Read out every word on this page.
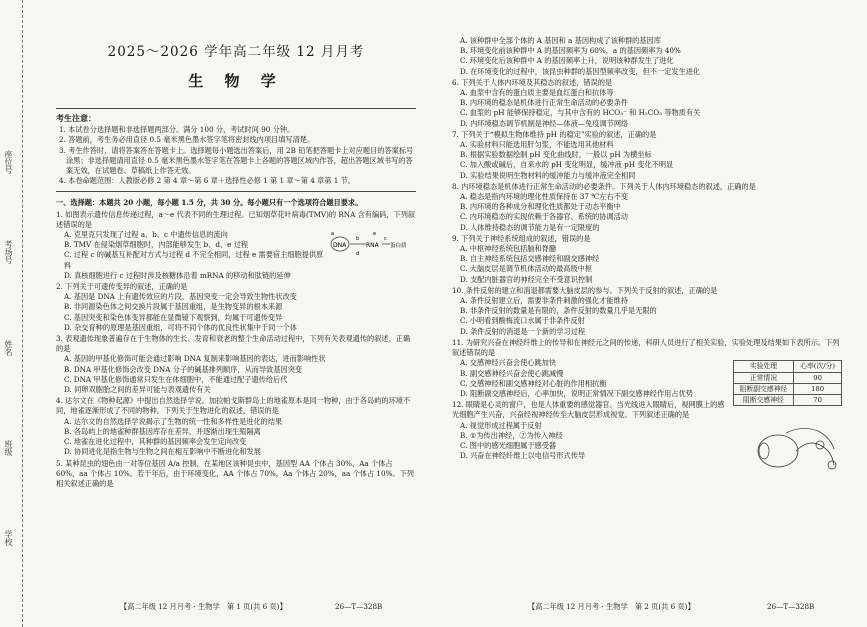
座位号
考场号
姓名
班级
学校
2025～2026 学年高二年级 12 月月考
生 物 学
考生注意：
1. 本试卷分选择题和非选择题两部分。满分 100 分，考试时间 90 分钟。
2. 答题前，考生务必用直径 0.5 毫米黑色墨水签字笔将密封线内项目填写清楚。
3. 考生作答时，请将答案答在答题卡上。选择题每小题选出答案后，用 2B 铅笔把答题卡上对应题目的答案标号涂黑；非选择题请用直径 0.5 毫米黑色墨水签字笔在答题卡上各题的答题区域内作答，超出答题区域书写的答案无效，在试题卷、草稿纸上作答无效。
4. 本卷命题范围：人教版必修 2 第 4 章～第 6 章＋选择性必修 1 第 1 章～第 4 章第 1 节。
一、选择题：本题共 20 小题，每小题 1.5 分，共 30 分。每小题只有一个选项符合题目要求。
1. 如图表示遗传信息传递过程，a～e 代表不同的生理过程。已知烟草花叶病毒(TMV)的 RNA 含有编码，下列叙述错误的是
DNA	RNA 蛋白质
a
b	c
d
e
A. 克里克只发现了过程 a、b、c 中遗传信息的流向
B. TMV 在侵染烟草细胞时，内部能够发生 b、d、e 过程
C. 过程 c 的碱基互补配对方式与过程 d 不完全相同，过程 e 需要宿主细胞提供原料
D. 真核细胞进行 c 过程时涉及核糖体沿着 mRNA 的移动和肽链的延伸
2. 下列关于可遗传变异的叙述，正确的是
A. 基因是 DNA 上有遗传效应的片段，基因突变一定会导致生物性状改变
B. 非同源染色体之间交换片段属于基因重组，是生物变异的根本来源
C. 基因突变和染色体变异都能在显微镜下观察到，均属于可遗传变异
D. 杂交育种的原理是基因重组，可将不同个体的优良性状集中于同一个体
3. 表观遗传现象普遍存在于生物体的生长、发育和衰老的整个生命活动过程中，下列有关表观遗传的叙述，正确的是
A. 基因的甲基化修饰可能会通过影响 DNA 复制来影响基因的表达，进而影响性状
B. DNA 甲基化修饰会改变 DNA 分子的碱基排列顺序，从而导致基因突变
C. DNA 甲基化修饰通常只发生在体细胞中，不能通过配子遗传给后代
D. 同卵双胞胎之间的差异可能与表观遗传有关
4. 达尔文在《物种起源》中提出自然选择学说，加拉帕戈斯群岛上的地雀原本是同一物种，由于各岛屿的环境不同，地雀逐渐形成了不同的物种。下列关于生物进化的叙述，错误的是
A. 达尔文的自然选择学说揭示了生物的统一性和多样性是进化的结果
B. 各岛屿上的地雀种群基因库存在差异，并逐渐出现生殖隔离
C. 地雀在进化过程中，其种群的基因频率会发生定向改变
D. 协同进化是指生物与生物之间在相互影响中不断进化和发展
5. 某种昆虫的翅色由一对等位基因 A/a 控制，在某地区该种昆虫中，基因型 AA 个体占 30%，Aa 个体占 60%，aa 个体占 10%。若干年后，由于环境变化，AA 个体占 70%，Aa 个体占 20%，aa 个体占 10%。下列相关叙述正确的是
A. 该种群中全部个体的 A 基因和 a 基因构成了该种群的基因库
B. 环境变化前该种群中 A 的基因频率为 60%，a 的基因频率为 40%
C. 环境变化后该种群中 A 的基因频率上升，说明该种群发生了进化
D. 在环境变化的过程中，该昆虫种群的基因型频率改变，但不一定发生进化
6. 下列关于人体内环境及其稳态的叙述，错误的是
A. 血浆中含有的蛋白质主要是血红蛋白和抗体等
B. 内环境的稳态是机体进行正常生命活动的必要条件
C. 血浆的 pH 能够保持稳定，与其中含有的 HCO₃⁻ 和 H₂CO₃ 等物质有关
D. 内环境稳态调节机制是神经—体液—免疫调节网络
7. 下列关于“模拟生物体维持 pH 的稳定”实验的叙述，正确的是
A. 实验材料只能选用肝匀浆，不能选用其他材料
B. 根据实验数据绘制 pH 变化曲线时，一般以 pH 为横坐标
C. 加入酸或碱后，自来水的 pH 变化明显，缓冲液 pH 变化不明显
D. 实验结果说明生物材料的缓冲能力与缓冲液完全相同
8. 内环境稳态是机体进行正常生命活动的必要条件。下列关于人体内环境稳态的叙述，正确的是
A. 稳态是指内环境的理化性质保持在 37 ℃左右不变
B. 内环境的各种成分和理化性质都处于动态平衡中
C. 内环境稳态的实现依赖于各器官、系统的协调活动
D. 人体维持稳态的调节能力是有一定限度的
9. 下列关于神经系统组成的叙述，错误的是
A. 中枢神经系统包括脑和脊髓
B. 自主神经系统包括交感神经和副交感神经
C. 大脑皮层是调节机体活动的最高级中枢
D. 支配内脏器官的神经完全不受意识控制
10. 条件反射的建立和消退都需要大脑皮层的参与。下列关于反射的叙述，正确的是
A. 条件反射建立后，需要非条件刺激的强化才能维持
B. 非条件反射的数量是有限的，条件反射的数量几乎是无限的
C. 小明看到酸梅流口水属于非条件反射
D. 条件反射的消退是一个新的学习过程
11. 为研究兴奋在神经纤维上的传导和在神经元之间的传递，科研人员进行了相关实验，实验处理及结果如下表所示。下列叙述错误的是
实验处理	心率(次/分)
正常情况	90
阻断副交感神经	180
阻断交感神经	70
A. 交感神经兴奋会使心跳加快
B. 副交感神经兴奋会使心跳减慢
C. 交感神经和副交感神经对心脏的作用相抗衡
D. 阻断副交感神经后，心率加快，说明正常情况下副交感神经作用占优势
12. 眼睛是心灵的窗户，也是人体重要的感觉器官。当光线进入眼睛后，视网膜上的感光细胞产生兴奋，兴奋经视神经传至大脑皮层形成视觉。下列叙述正确的是
A. 视觉形成过程属于反射
B. ①为传出神经，②为传入神经
C. 图中的感光细胞属于感受器
D. 兴奋在神经纤维上以电信号形式传导
【高二年级 12 月月考 · 生物学　第 1 页(共 6 页)】	26—T—328B	【高二年级 12 月月考 · 生物学　第 2 页(共 6 页)】	26—T—328B
